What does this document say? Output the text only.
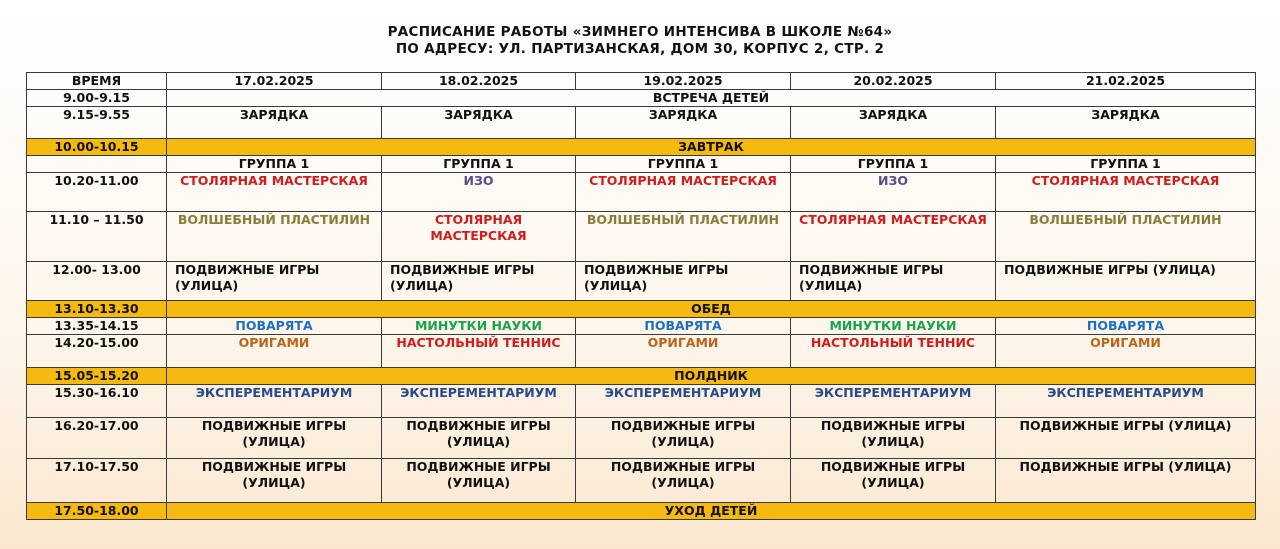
РАСПИСАНИЕ РАБОТЫ «ЗИМНЕГО ИНТЕНСИВА В ШКОЛЕ №64»
ПО АДРЕСУ: УЛ. ПАРТИЗАНСКАЯ, ДОМ 30, КОРПУС 2, СТР. 2
ВРЕМЯ	17.02.2025	18.02.2025	19.02.2025	20.02.2025	21.02.2025
9.00-9.15	ВСТРЕЧА ДЕТЕЙ				
9.15-9.55	ЗАРЯДКА	ЗАРЯДКА	ЗАРЯДКА	ЗАРЯДКА	ЗАРЯДКА
10.00-10.15	ЗАВТРАК				
	ГРУППА 1	ГРУППА 1	ГРУППА 1	ГРУППА 1	ГРУППА 1
10.20-11.00	СТОЛЯРНАЯ МАСТЕРСКАЯ	ИЗО	СТОЛЯРНАЯ МАСТЕРСКАЯ	ИЗО	СТОЛЯРНАЯ МАСТЕРСКАЯ
11.10 – 11.50	ВОЛШЕБНЫЙ ПЛАСТИЛИН	СТОЛЯРНАЯ МАСТЕРСКАЯ	ВОЛШЕБНЫЙ ПЛАСТИЛИН	СТОЛЯРНАЯ МАСТЕРСКАЯ	ВОЛШЕБНЫЙ ПЛАСТИЛИН
12.00- 13.00	ПОДВИЖНЫЕ ИГРЫ (УЛИЦА)	ПОДВИЖНЫЕ ИГРЫ (УЛИЦА)	ПОДВИЖНЫЕ ИГРЫ (УЛИЦА)	ПОДВИЖНЫЕ ИГРЫ (УЛИЦА)	ПОДВИЖНЫЕ ИГРЫ (УЛИЦА)
13.10-13.30	ОБЕД				
13.35-14.15	ПОВАРЯТА	МИНУТКИ НАУКИ	ПОВАРЯТА	МИНУТКИ НАУКИ	ПОВАРЯТА
14.20-15.00	ОРИГАМИ	НАСТОЛЬНЫЙ ТЕННИС	ОРИГАМИ	НАСТОЛЬНЫЙ ТЕННИС	ОРИГАМИ
15.05-15.20	ПОЛДНИК				
15.30-16.10	ЭКСПЕРЕМЕНТАРИУМ	ЭКСПЕРЕМЕНТАРИУМ	ЭКСПЕРЕМЕНТАРИУМ	ЭКСПЕРЕМЕНТАРИУМ	ЭКСПЕРЕМЕНТАРИУМ
16.20-17.00	ПОДВИЖНЫЕ ИГРЫ (УЛИЦА)	ПОДВИЖНЫЕ ИГРЫ (УЛИЦА)	ПОДВИЖНЫЕ ИГРЫ (УЛИЦА)	ПОДВИЖНЫЕ ИГРЫ (УЛИЦА)	ПОДВИЖНЫЕ ИГРЫ (УЛИЦА)
17.10-17.50	ПОДВИЖНЫЕ ИГРЫ (УЛИЦА)	ПОДВИЖНЫЕ ИГРЫ (УЛИЦА)	ПОДВИЖНЫЕ ИГРЫ (УЛИЦА)	ПОДВИЖНЫЕ ИГРЫ (УЛИЦА)	ПОДВИЖНЫЕ ИГРЫ (УЛИЦА)
17.50-18.00	УХОД ДЕТЕЙ				
